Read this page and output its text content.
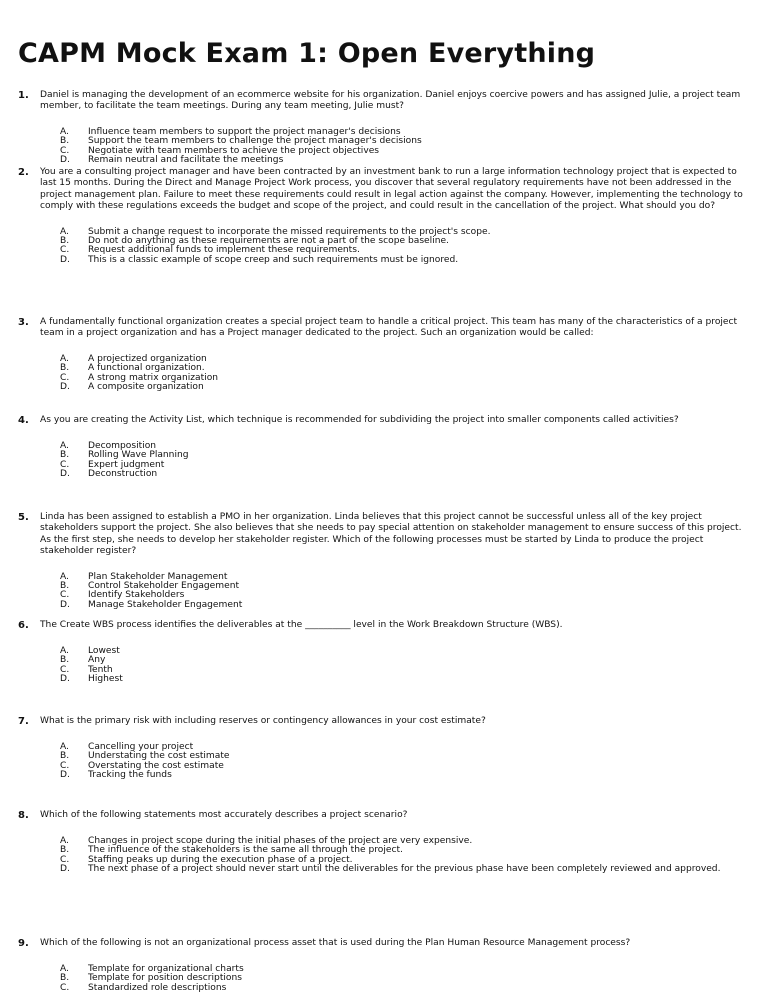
CAPM Mock Exam 1: Open Everything
1.	Daniel is managing the development of an ecommerce website for his organization. Daniel enjoys coercive powers and has assigned Julie, a project team member, to facilitate the team meetings. During any team meeting, Julie must?
A.	Influence team members to support the project manager's decisions
B.	Support the team members to challenge the project manager's decisions
C.	Negotiate with team members to achieve the project objectives
D.	Remain neutral and facilitate the meetings
2.	You are a consulting project manager and have been contracted by an investment bank to run a large information technology project that is expected to last 15 months. During the Direct and Manage Project Work process, you discover that several regulatory requirements have not been addressed in the project management plan. Failure to meet these requirements could result in legal action against the company. However, implementing the technology to comply with these regulations exceeds the budget and scope of the project, and could result in the cancellation of the project. What should you do?
A.	Submit a change request to incorporate the missed requirements to the project's scope.
B.	Do not do anything as these requirements are not a part of the scope baseline.
C.	Request additional funds to implement these requirements.
D.	This is a classic example of scope creep and such requirements must be ignored.
3.	A fundamentally functional organization creates a special project team to handle a critical project. This team has many of the characteristics of a project team in a project organization and has a Project manager dedicated to the project. Such an organization would be called:
A.	A projectized organization
B.	A functional organization.
C.	A strong matrix organization
D.	A composite organization
4.	As you are creating the Activity List, which technique is recommended for subdividing the project into smaller components called activities?
A.	Decomposition
B.	Rolling Wave Planning
C.	Expert judgment
D.	Deconstruction
5.	Linda has been assigned to establish a PMO in her organization. Linda believes that this project cannot be successful unless all of the key project stakeholders support the project. She also believes that she needs to pay special attention on stakeholder management to ensure success of this project. As the first step, she needs to develop her stakeholder register. Which of the following processes must be started by Linda to produce the project stakeholder register?
A.	Plan Stakeholder Management
B.	Control Stakeholder Engagement
C.	Identify Stakeholders
D.	Manage Stakeholder Engagement
6.	The Create WBS process identifies the deliverables at the __________ level in the Work Breakdown Structure (WBS).
A.	Lowest
B.	Any
C.	Tenth
D.	Highest
7.	What is the primary risk with including reserves or contingency allowances in your cost estimate?
A.	Cancelling your project
B.	Understating the cost estimate
C.	Overstating the cost estimate
D.	Tracking the funds
8.	Which of the following statements most accurately describes a project scenario?
A.	Changes in project scope during the initial phases of the project are very expensive.
B.	The influence of the stakeholders is the same all through the project.
C.	Staffing peaks up during the execution phase of a project.
D.	The next phase of a project should never start until the deliverables for the previous phase have been completely reviewed and approved.
9.	Which of the following is not an organizational process asset that is used during the Plan Human Resource Management process?
A.	Template for organizational charts
B.	Template for position descriptions
C.	Standardized role descriptions
